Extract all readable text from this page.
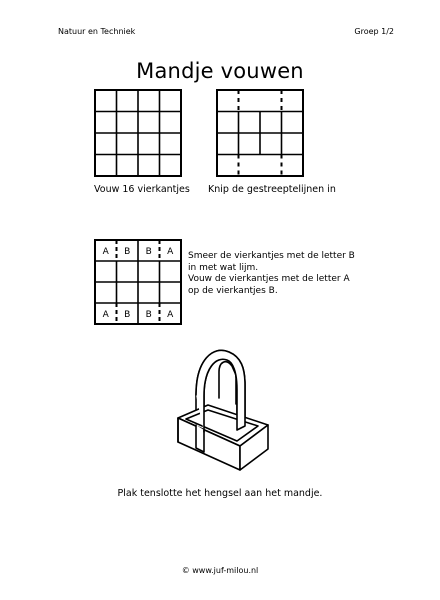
Natuur en Techniek	Groep 1/2
Mandje vouwen
A B B A
A B B A
Vouw 16 vierkantjes Knip de gestreeptelijnen in
Smeer de vierkantjes met de letter B
in met wat lijm.
Vouw de vierkantjes met de letter A
op de vierkantjes B.
Plak tenslotte het hengsel aan het mandje.
© www.juf-milou.nl
